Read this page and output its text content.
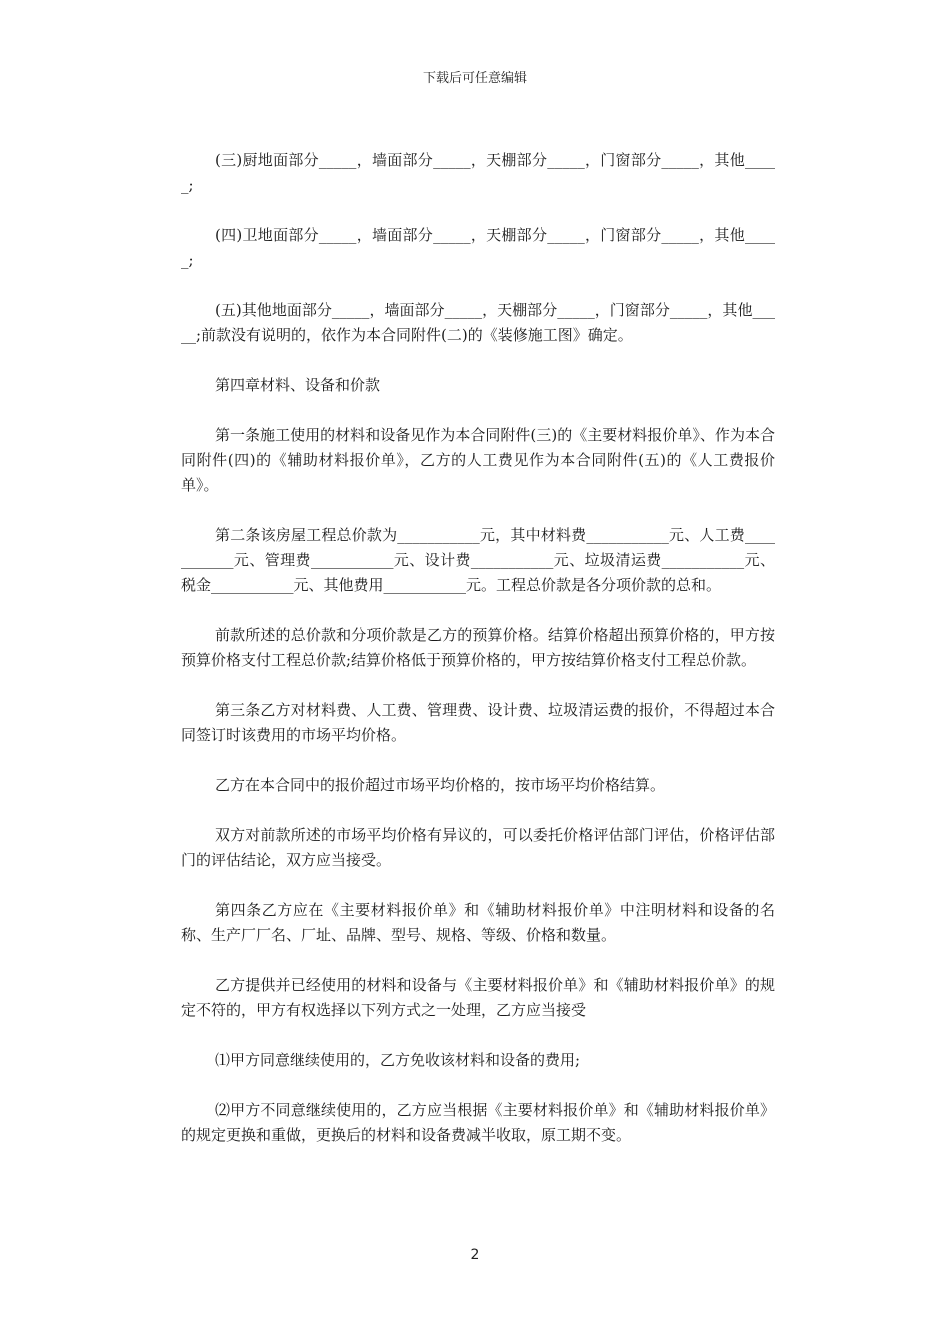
下载后可任意编辑

(三)厨地面部分_____，墙面部分_____，天棚部分_____，门窗部分_____，其他_____;

(四)卫地面部分_____，墙面部分_____，天棚部分_____，门窗部分_____，其他_____;

(五)其他地面部分_____，墙面部分_____，天棚部分_____，门窗部分_____，其他_____;前款没有说明的，依作为本合同附件(二)的《装修施工图》确定。

第四章材料、设备和价款

第一条施工使用的材料和设备见作为本合同附件(三)的《主要材料报价单》、作为本合同附件(四)的《辅助材料报价单》，乙方的人工费见作为本合同附件(五)的《人工费报价单》。

第二条该房屋工程总价款为___________元，其中材料费___________元、人工费___________元、管理费___________元、设计费___________元、垃圾清运费___________元、税金___________元、其他费用___________元。工程总价款是各分项价款的总和。

前款所述的总价款和分项价款是乙方的预算价格。结算价格超出预算价格的，甲方按预算价格支付工程总价款;结算价格低于预算价格的，甲方按结算价格支付工程总价款。

第三条乙方对材料费、人工费、管理费、设计费、垃圾清运费的报价，不得超过本合同签订时该费用的市场平均价格。

乙方在本合同中的报价超过市场平均价格的，按市场平均价格结算。

双方对前款所述的市场平均价格有异议的，可以委托价格评估部门评估，价格评估部门的评估结论，双方应当接受。

第四条乙方应在《主要材料报价单》和《辅助材料报价单》中注明材料和设备的名称、生产厂厂名、厂址、品牌、型号、规格、等级、价格和数量。

乙方提供并已经使用的材料和设备与《主要材料报价单》和《辅助材料报价单》的规定不符的，甲方有权选择以下列方式之一处理，乙方应当接受

⑴甲方同意继续使用的，乙方免收该材料和设备的费用;

⑵甲方不同意继续使用的，乙方应当根据《主要材料报价单》和《辅助材料报价单》的规定更换和重做，更换后的材料和设备费减半收取，原工期不变。

2
